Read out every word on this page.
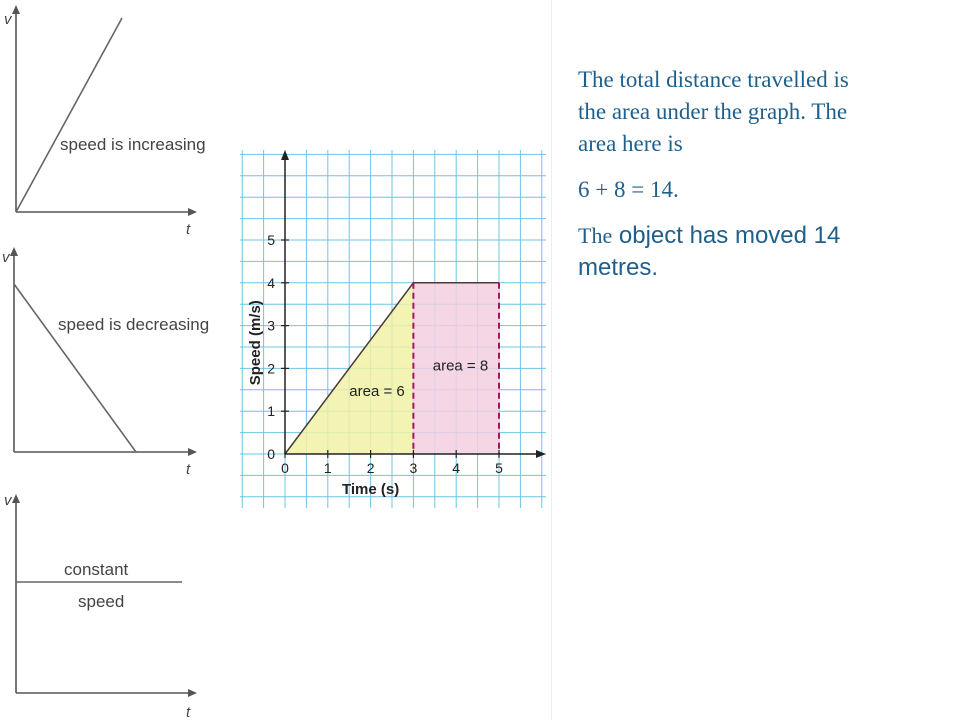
v
t
speed is increasing
v
t
speed is decreasing
v
t
constant
speed
0	1	2	3	4	5
0
1
2
3
4
5
area = 6
area = 8
Time (s)
Speed (m/s)

The total distance travelled is the area under the graph. The area here is

6 + 8 = 14.

The object has moved 14 metres.
